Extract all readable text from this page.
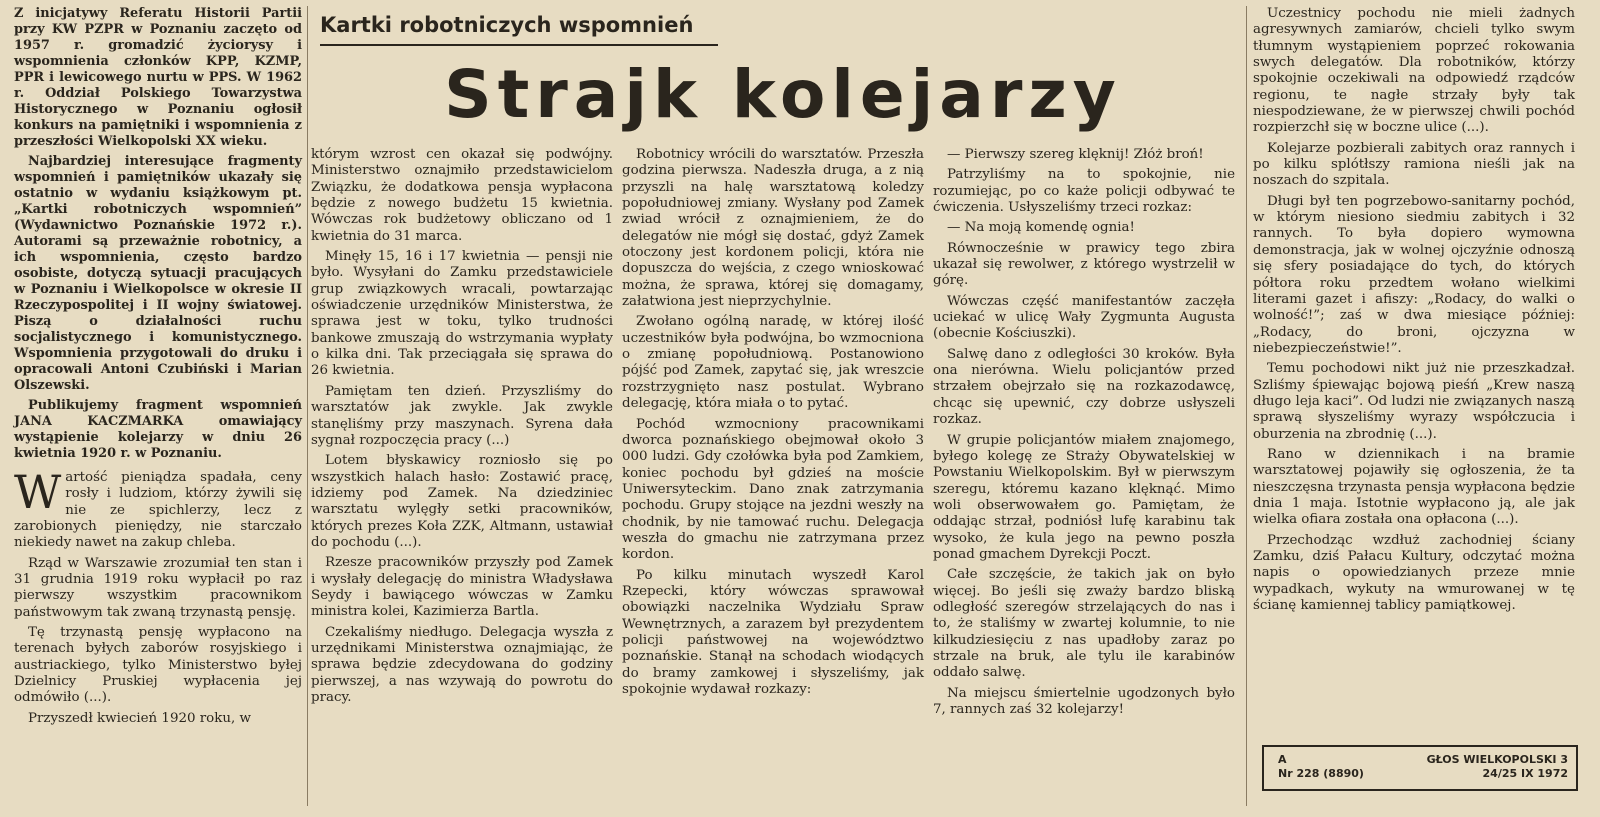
Z inicjatywy Referatu Historii Partii przy KW PZPR w Poznaniu zaczęto od 1957 r. gromadzić życiorysy i wspomnienia członków KPP, KZMP, PPR i lewicowego nurtu w PPS. W 1962 r. Oddział Polskiego Towarzystwa Historycznego w Poznaniu ogłosił konkurs na pamiętniki i wspomnienia z przeszłości Wielkopolski XX wieku.

Najbardziej interesujące fragmenty wspomnień i pamiętników ukazały się ostatnio w wydaniu książkowym pt. „Kartki robotniczych wspomnień” (Wydawnictwo Poznańskie 1972 r.). Autorami są przeważnie robotnicy, a ich wspomnienia, często bardzo osobiste, dotyczą sytuacji pracujących w Poznaniu i Wielkopolsce w okresie II Rzeczypospolitej i II wojny światowej. Piszą o działalności ruchu socjalistycznego i komunistycznego. Wspomnienia przygotowali do druku i opracowali Antoni Czubiński i Marian Olszewski.

Publikujemy fragment wspomnień JANA KACZMARKA omawiający wystąpienie kolejarzy w dniu 26 kwietnia 1920 r. w Poznaniu.

Wartość pieniądza spadała, ceny rosły i ludziom, którzy żywili się nie ze spichlerzy, lecz z zarobionych pieniędzy, nie starczało niekiedy nawet na zakup chleba.

Rząd w Warszawie zrozumiał ten stan i 31 grudnia 1919 roku wypłacił po raz pierwszy wszystkim pracownikom państwowym tak zwaną trzynastą pensję.

Tę trzynastą pensję wypłacono na terenach byłych zaborów rosyjskiego i austriackiego, tylko Ministerstwo byłej Dzielnicy Pruskiej wypłacenia jej odmówiło (...).

Przyszedł kwiecień 1920 roku, w

Kartki robotniczych wspomnień
Strajk kolejarzy

którym wzrost cen okazał się podwójny. Ministerstwo oznajmiło przedstawicielom Związku, że dodatkowa pensja wypłacona będzie z nowego budżetu 15 kwietnia. Wówczas rok budżetowy obliczano od 1 kwietnia do 31 marca.

Minęły 15, 16 i 17 kwietnia — pensji nie było. Wysyłani do Zamku przedstawiciele grup związkowych wracali, powtarzając oświadczenie urzędników Ministerstwa, że sprawa jest w toku, tylko trudności bankowe zmuszają do wstrzymania wypłaty o kilka dni. Tak przeciągała się sprawa do 26 kwietnia.

Pamiętam ten dzień. Przyszliśmy do warsztatów jak zwykle. Jak zwykle stanęliśmy przy maszynach. Syrena dała sygnał rozpoczęcia pracy (...)

Lotem błyskawicy rozniosło się po wszystkich halach hasło: Zostawić pracę, idziemy pod Zamek. Na dziedziniec warsztatu wylęgły setki pracowników, których prezes Koła ZZK, Altmann, ustawiał do pochodu (...).

Rzesze pracowników przyszły pod Zamek i wysłały delegację do ministra Władysława Seydy i bawiącego wówczas w Zamku ministra kolei, Kazimierza Bartla.

Czekaliśmy niedługo. Delegacja wyszła z urzędnikami Ministerstwa oznajmiając, że sprawa będzie zdecydowana do godziny pierwszej, a nas wzywają do powrotu do pracy.

Robotnicy wrócili do warsztatów. Przeszła godzina pierwsza. Nadeszła druga, a z nią przyszli na halę warsztatową koledzy popołudniowej zmiany. Wysłany pod Zamek zwiad wrócił z oznajmieniem, że do delegatów nie mógł się dostać, gdyż Zamek otoczony jest kordonem policji, która nie dopuszcza do wejścia, z czego wnioskować można, że sprawa, której się domagamy, załatwiona jest nieprzychylnie.

Zwołano ogólną naradę, w której ilość uczestników była podwójna, bo wzmocniona o zmianę popołudniową. Postanowiono pójść pod Zamek, zapytać się, jak wreszcie rozstrzygnięto nasz postulat. Wybrano delegację, która miała o to pytać.

Pochód wzmocniony pracownikami dworca poznańskiego obejmował około 3 000 ludzi. Gdy czołówka była pod Zamkiem, koniec pochodu był gdzieś na moście Uniwersyteckim. Dano znak zatrzymania pochodu. Grupy stojące na jezdni weszły na chodnik, by nie tamować ruchu. Delegacja weszła do gmachu nie zatrzymana przez kordon.

Po kilku minutach wyszedł Karol Rzepecki, który wówczas sprawował obowiązki naczelnika Wydziału Spraw Wewnętrznych, a zarazem był prezydentem policji państwowej na województwo poznańskie. Stanął na schodach wiodących do bramy zamkowej i słyszeliśmy, jak spokojnie wydawał rozkazy:

— Pierwszy szereg klęknij! Złóż broń!

Patrzyliśmy na to spokojnie, nie rozumiejąc, po co każe policji odbywać te ćwiczenia. Usłyszeliśmy trzeci rozkaz:

— Na moją komendę ognia!

Równocześnie w prawicy tego zbira ukazał się rewolwer, z którego wystrzelił w górę.

Wówczas część manifestantów zaczęła uciekać w ulicę Wały Zygmunta Augusta (obecnie Kościuszki).

Salwę dano z odległości 30 kroków. Była ona nierówna. Wielu policjantów przed strzałem obejrzało się na rozkazodawcę, chcąc się upewnić, czy dobrze usłyszeli rozkaz.

W grupie policjantów miałem znajomego, byłego kolegę ze Straży Obywatelskiej w Powstaniu Wielkopolskim. Był w pierwszym szeregu, któremu kazano klęknąć. Mimo woli obserwowałem go. Pamiętam, że oddając strzał, podniósł lufę karabinu tak wysoko, że kula jego na pewno poszła ponad gmachem Dyrekcji Poczt.

Całe szczęście, że takich jak on było więcej. Bo jeśli się zważy bardzo bliską odległość szeregów strzelających do nas i to, że staliśmy w zwartej kolumnie, to nie kilkudziesięciu z nas upadłoby zaraz po strzale na bruk, ale tylu ile karabinów oddało salwę.

Na miejscu śmiertelnie ugodzonych było 7, rannych zaś 32 kolejarzy!

Uczestnicy pochodu nie mieli żadnych agresywnych zamiarów, chcieli tylko swym tłumnym wystąpieniem poprzeć rokowania swych delegatów. Dla robotników, którzy spokojnie oczekiwali na odpowiedź rządców regionu, te nagłe strzały były tak niespodziewane, że w pierwszej chwili pochód rozpierzchł się w boczne ulice (...).

Kolejarze pozbierali zabitych oraz rannych i po kilku splótłszy ramiona nieśli jak na noszach do szpitala.

Długi był ten pogrzebowo-sanitarny pochód, w którym niesiono siedmiu zabitych i 32 rannych. To była dopiero wymowna demonstracja, jak w wolnej ojczyźnie odnoszą się sfery posiadające do tych, do których półtora roku przedtem wołano wielkimi literami gazet i afiszy: „Rodacy, do walki o wolność!”; zaś w dwa miesiące później: „Rodacy, do broni, ojczyzna w niebezpieczeństwie!”.

Temu pochodowi nikt już nie przeszkadzał. Szliśmy śpiewając bojową pieśń „Krew naszą długo leja kaci”. Od ludzi nie związanych naszą sprawą słyszeliśmy wyrazy współczucia i oburzenia na zbrodnię (...).

Rano w dziennikach i na bramie warsztatowej pojawiły się ogłoszenia, że ta nieszczęsna trzynasta pensja wypłacona będzie dnia 1 maja. Istotnie wypłacono ją, ale jak wielka ofiara została ona opłacona (...).

Przechodząc wzdłuż zachodniej ściany Zamku, dziś Pałacu Kultury, odczytać można napis o opowiedzianych przeze mnie wypadkach, wykuty na wmurowanej w tę ścianę kamiennej tablicy pamiątkowej.

A	GŁOS WIELKOPOLSKI 3
Nr 228 (8890)	24/25 IX 1972
